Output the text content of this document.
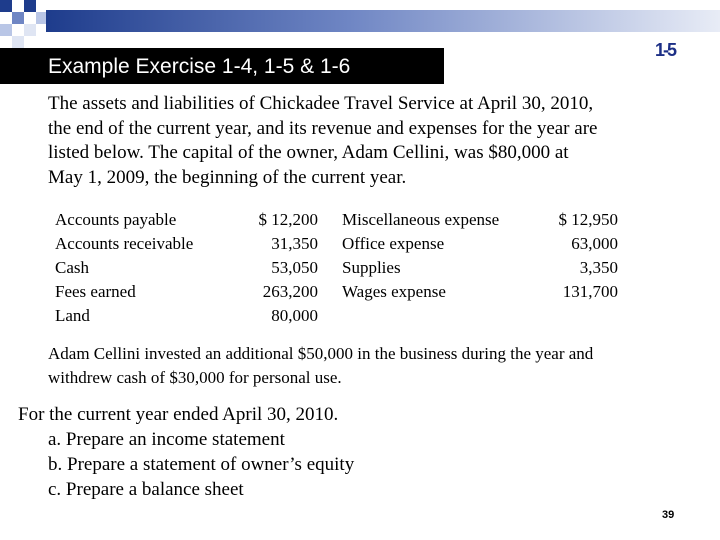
Example Exercise 1-4, 1-5 & 1-6
1-5
The assets and liabilities of Chickadee Travel Service at April 30, 2010,
the end of the current year, and its revenue and expenses for the year are
listed below. The capital of the owner, Adam Cellini, was $80,000 at
May 1, 2009, the beginning of the current year.
Accounts payable
Accounts receivable
Cash
Fees earned
Land
$ 12,200
31,350
53,050
263,200
80,000
Miscellaneous expense
Office expense
Supplies
Wages expense
$ 12,950
63,000
3,350
131,700
Adam Cellini invested an additional $50,000 in the business during the year and
withdrew cash of $30,000 for personal use.
For the current year ended April 30, 2010.
a. Prepare an income statement
b. Prepare a statement of owner’s equity
c. Prepare a balance sheet
39
